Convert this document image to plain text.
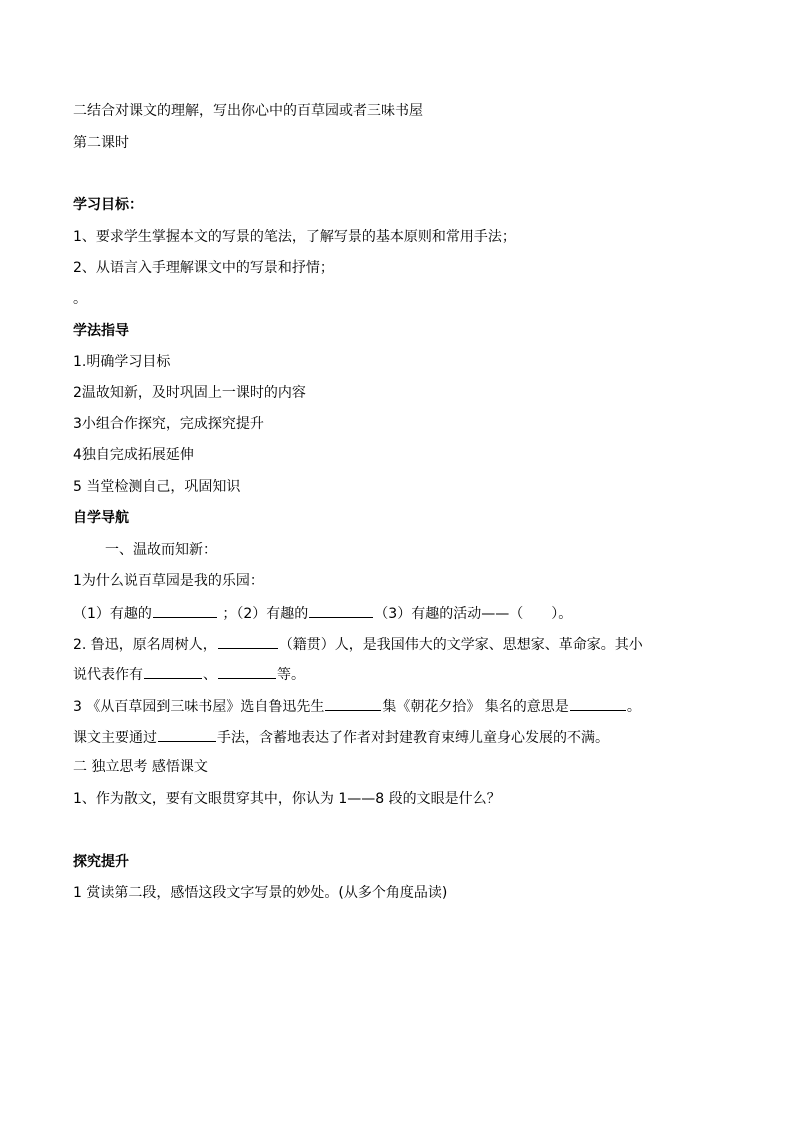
二结合对课文的理解，写出你心中的百草园或者三味书屋
第二课时
学习目标：
1、要求学生掌握本文的写景的笔法，了解写景的基本原则和常用手法；
2、从语言入手理解课文中的写景和抒情；
。
学法指导
1.明确学习目标
2温故知新，及时巩固上一课时的内容
3小组合作探究，完成探究提升
4独自完成拓展延伸
5 当堂检测自己，巩固知识
自学导航
一、温故而知新：
1为什么说百草园是我的乐园：
（1）有趣的	；（2）有趣的	（3）有趣的活动——（　　）。
2. 鲁迅，原名周树人，	（籍贯）人，是我国伟大的文学家、思想家、革命家。其小
说代表作有	、	等。
3 《从百草园到三味书屋》选自鲁迅先生	集《朝花夕拾》 集名的意思是	。
课文主要通过	手法，含蓄地表达了作者对封建教育束缚儿童身心发展的不满。
二 独立思考 感悟课文
1、作为散文，要有文眼贯穿其中，你认为 1——8 段的文眼是什么？
探究提升
1 赏读第二段，感悟这段文字写景的妙处。(从多个角度品读)
